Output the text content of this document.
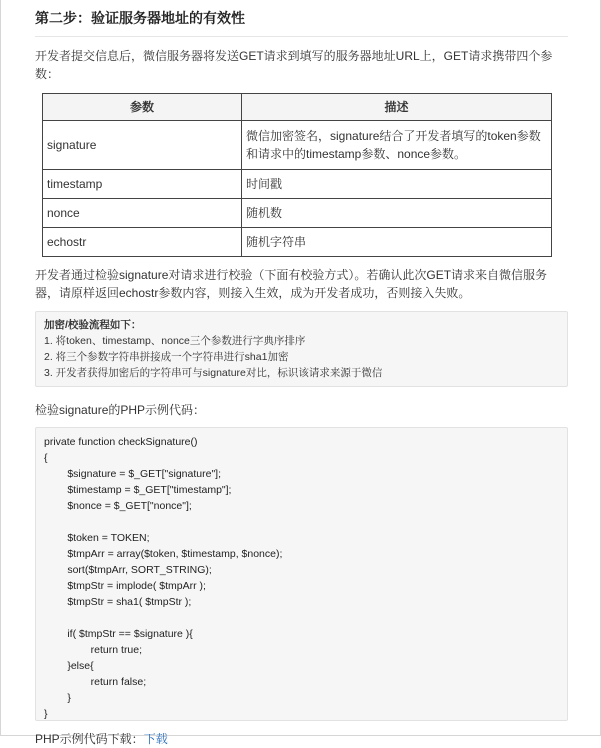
第二步：验证服务器地址的有效性

开发者提交信息后，微信服务器将发送GET请求到填写的服务器地址URL上，GET请求携带四个参数：

参数	描述
signature	微信加密签名，signature结合了开发者填写的token参数和请求中的timestamp参数、nonce参数。
timestamp	时间戳
nonce	随机数
echostr	随机字符串

开发者通过检验signature对请求进行校验（下面有校验方式）。若确认此次GET请求来自微信服务器，请原样返回echostr参数内容，则接入生效，成为开发者成功，否则接入失败。

加密/校验流程如下：
1. 将token、timestamp、nonce三个参数进行字典序排序
2. 将三个参数字符串拼接成一个字符串进行sha1加密
3. 开发者获得加密后的字符串可与signature对比，标识该请求来源于微信

检验signature的PHP示例代码：

private function checkSignature()
{
$signature = $_GET["signature"];
$timestamp = $_GET["timestamp"];
$nonce = $_GET["nonce"];

$token = TOKEN;
$tmpArr = array($token, $timestamp, $nonce);
sort($tmpArr, SORT_STRING);
$tmpStr = implode( $tmpArr );
$tmpStr = sha1( $tmpStr );

if( $tmpStr == $signature ){
return true;
}else{
return false;
}
}

PHP示例代码下载：下载
